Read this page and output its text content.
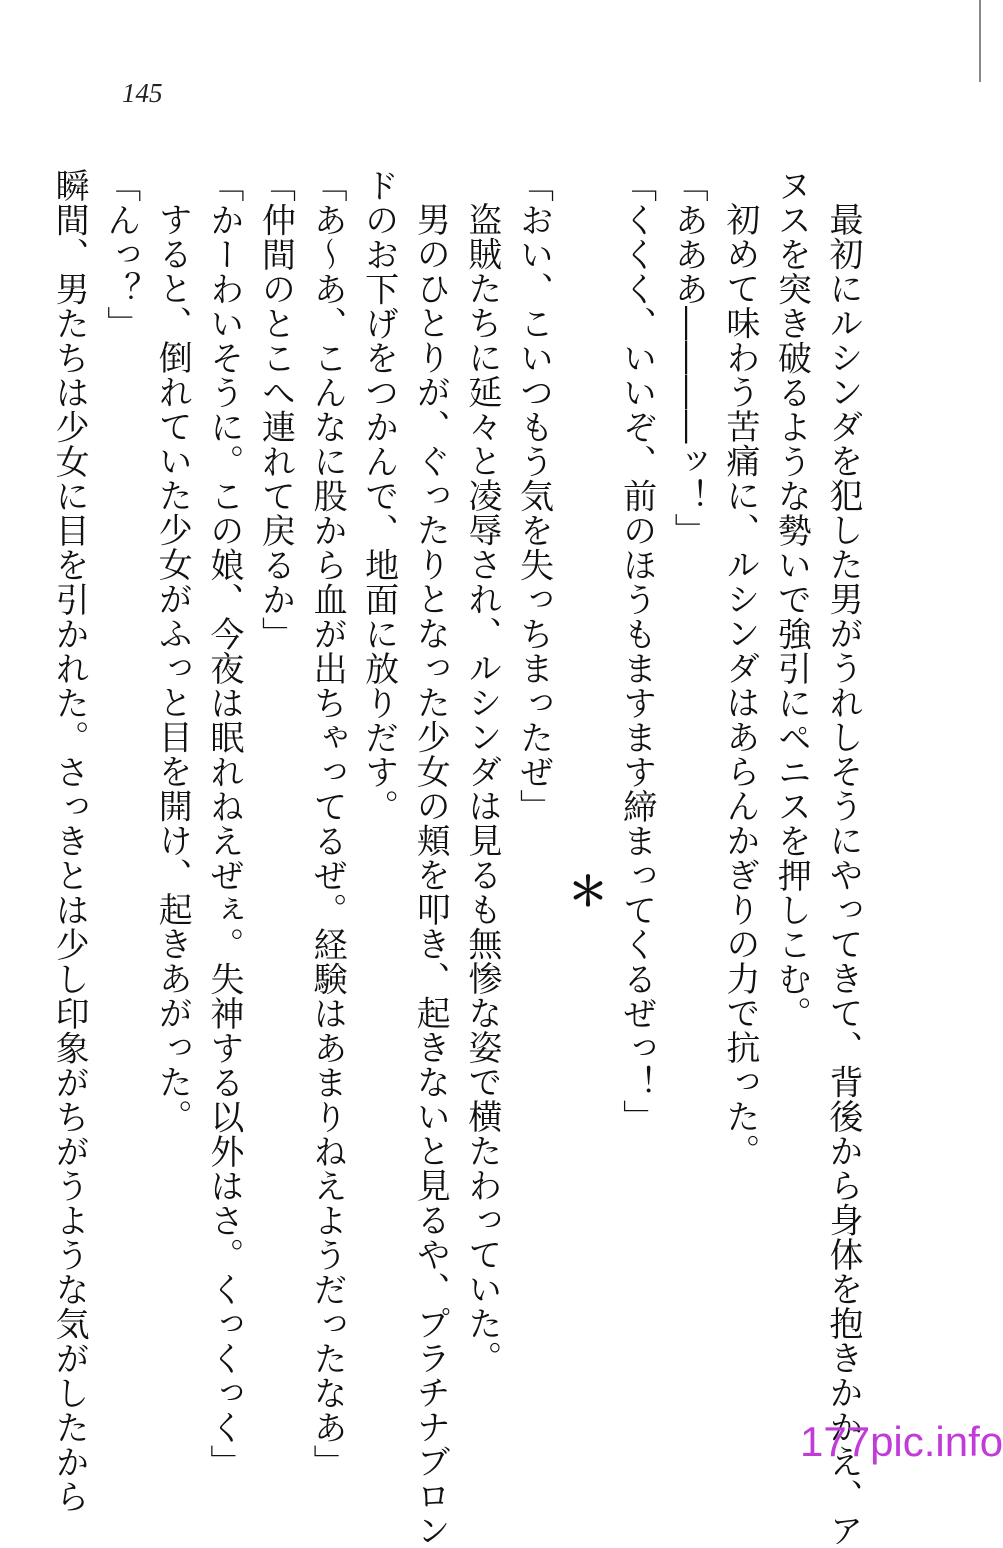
145
最初にルシンダを犯した男がうれしそうにやってきて、背後から身体を抱きかかえ、ア
ヌスを突き破るような勢いで強引にペニスを押しこむ。
初めて味わう苦痛に、ルシンダはあらんかぎりの力で抗った。
「あああ――――ッ！」
「くくく、いいぞ、前のほうもますます締まってくるぜっ！」
＊
「おい、こいつもう気を失っちまったぜ」
盗賊たちに延々と凌辱され、ルシンダは見るも無惨な姿で横たわっていた。
男のひとりが、ぐったりとなった少女の頬を叩き、起きないと見るや、プラチナブロン
ドのお下げをつかんで、地面に放りだす。
「あ～あ、こんなに股から血が出ちゃってるぜ。経験はあまりねえようだったなあ」
「仲間のとこへ連れて戻るか」
「かーわいそうに。この娘、今夜は眠れねえぜぇ。失神する以外はさ。くっくっく」
すると、倒れていた少女がふっと目を開け、起きあがった。
「んっ？」
瞬間、男たちは少女に目を引かれた。さっきとは少し印象がちがうような気がしたから	177pic.info
